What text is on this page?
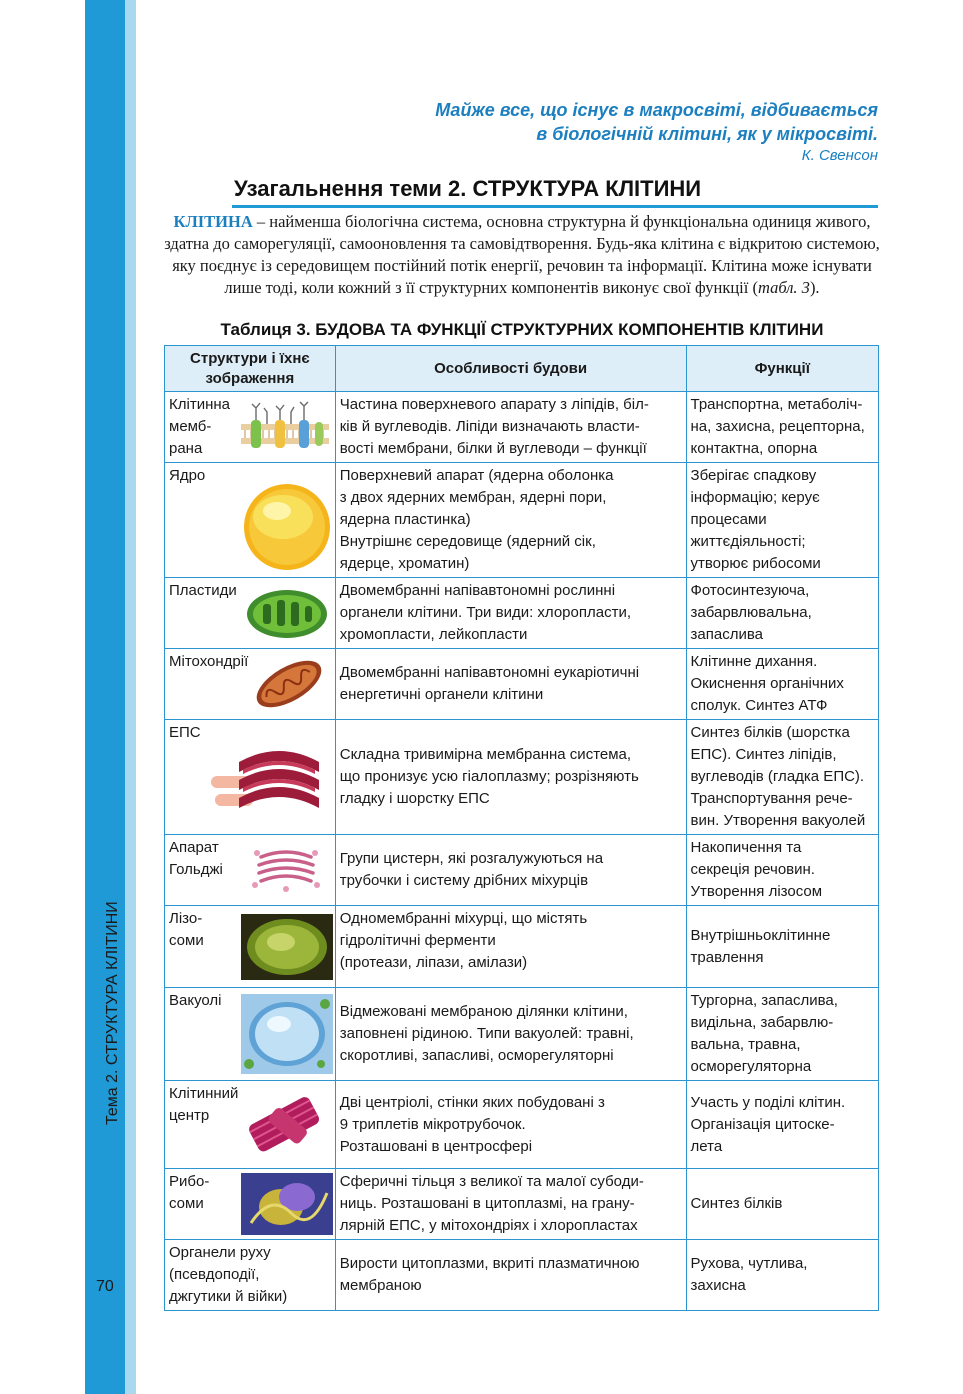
Тема 2. СТРУКТУРА КЛІТИНИ
70
Майже все, що існує в макросвіті, відбивається
в біологічній клітині, як у мікросвіті.
К. Свенсон
Узагальнення теми 2. СТРУКТУРА КЛІТИНИ
КЛІТИНА – найменша біологічна система, основна структурна й функціональна одиниця живого, здатна до саморегуляції, самооновлення та самовідтворення. Будь-яка клітина є відкритою системою, яку поєднує із середовищем постійний потік енергії, речовин та інформації. Клітина може існувати лише тоді, коли кожний з її структурних компонентів виконує свої функції (табл. 3).
Таблиця 3. БУДОВА ТА ФУНКЦІЇ СТРУКТУРНИХ КОМПОНЕНТІВ КЛІТИНИ
Структури і їхнє зображення	Особливості будови	Функції

Клітинна
мемб-
рана	Частина поверхневого апарату з ліпідів, біл-
ків й вуглеводів. Ліпіди визначають власти-
вості мембрани, білки й вуглеводи – функції	Транспортна, метаболіч-
на, захисна, рецепторна,
контактна, опорна

Ядро	Поверхневий апарат (ядерна оболонка
з двох ядерних мембран, ядерні пори,
ядерна пластинка)
Внутрішнє середовище (ядерний сік,
ядерце, хроматин)	Зберігає спадкову
інформацію; керує
процесами
життєдіяльності;
утворює рибосоми

Пластиди	Двомембранні напівавтономні рослинні
органели клітини. Три види: хлоропласти,
хромопласти, лейкопласти	Фотосинтезуюча,
забарвлювальна,
запаслива

Мітохондрії	Двомембранні напівавтономні еукаріотичні
енергетичні органели клітини	Клітинне дихання.
Окиснення органічних
сполук. Синтез АТФ

ЕПС	Складна тривимірна мембранна система,
що пронизує усю гіалоплазму; розрізняють
гладку і шорстку ЕПС	Синтез білків (шорстка
ЕПС). Синтез ліпідів,
вуглеводів (гладка ЕПС).
Транспортування рече-
вин. Утворення вакуолей

Апарат
Гольджі	Групи цистерн, які розгалужуються на
трубочки і систему дрібних міхурців	Накопичення та
секреція речовин.
Утворення лізосом

Лізо-
соми	Одномембранні міхурці, що містять
гідролітичні ферменти
(протеази, ліпази, амілази)	Внутрішньоклітинне
травлення

Вакуолі	Відмежовані мембраною ділянки клітини,
заповнені рідиною. Типи вакуолей: травні,
скоротливі, запасливі, осморегуляторні	Тургорна, запаслива,
видільна, забарвлю-
вальна, травна,
осморегуляторна

Клітинний
центр	Дві центріолі, стінки яких побудовані з
9 триплетів мікротрубочок.
Розташовані в центросфері	Участь у поділі клітин.
Організація цитоске-
лета

Рибо-
соми	Сферичні тільця з великої та малої субоди-
ниць. Розташовані в цитоплазмі, на грану-
лярній ЕПС, у мітохондріях і хлоропластах	Синтез білків
Органели руху
(псевдоподії,
джгутики й війки)	Вирости цитоплазми, вкриті плазматичною
мембраною	Рухова, чутлива,
захисна
